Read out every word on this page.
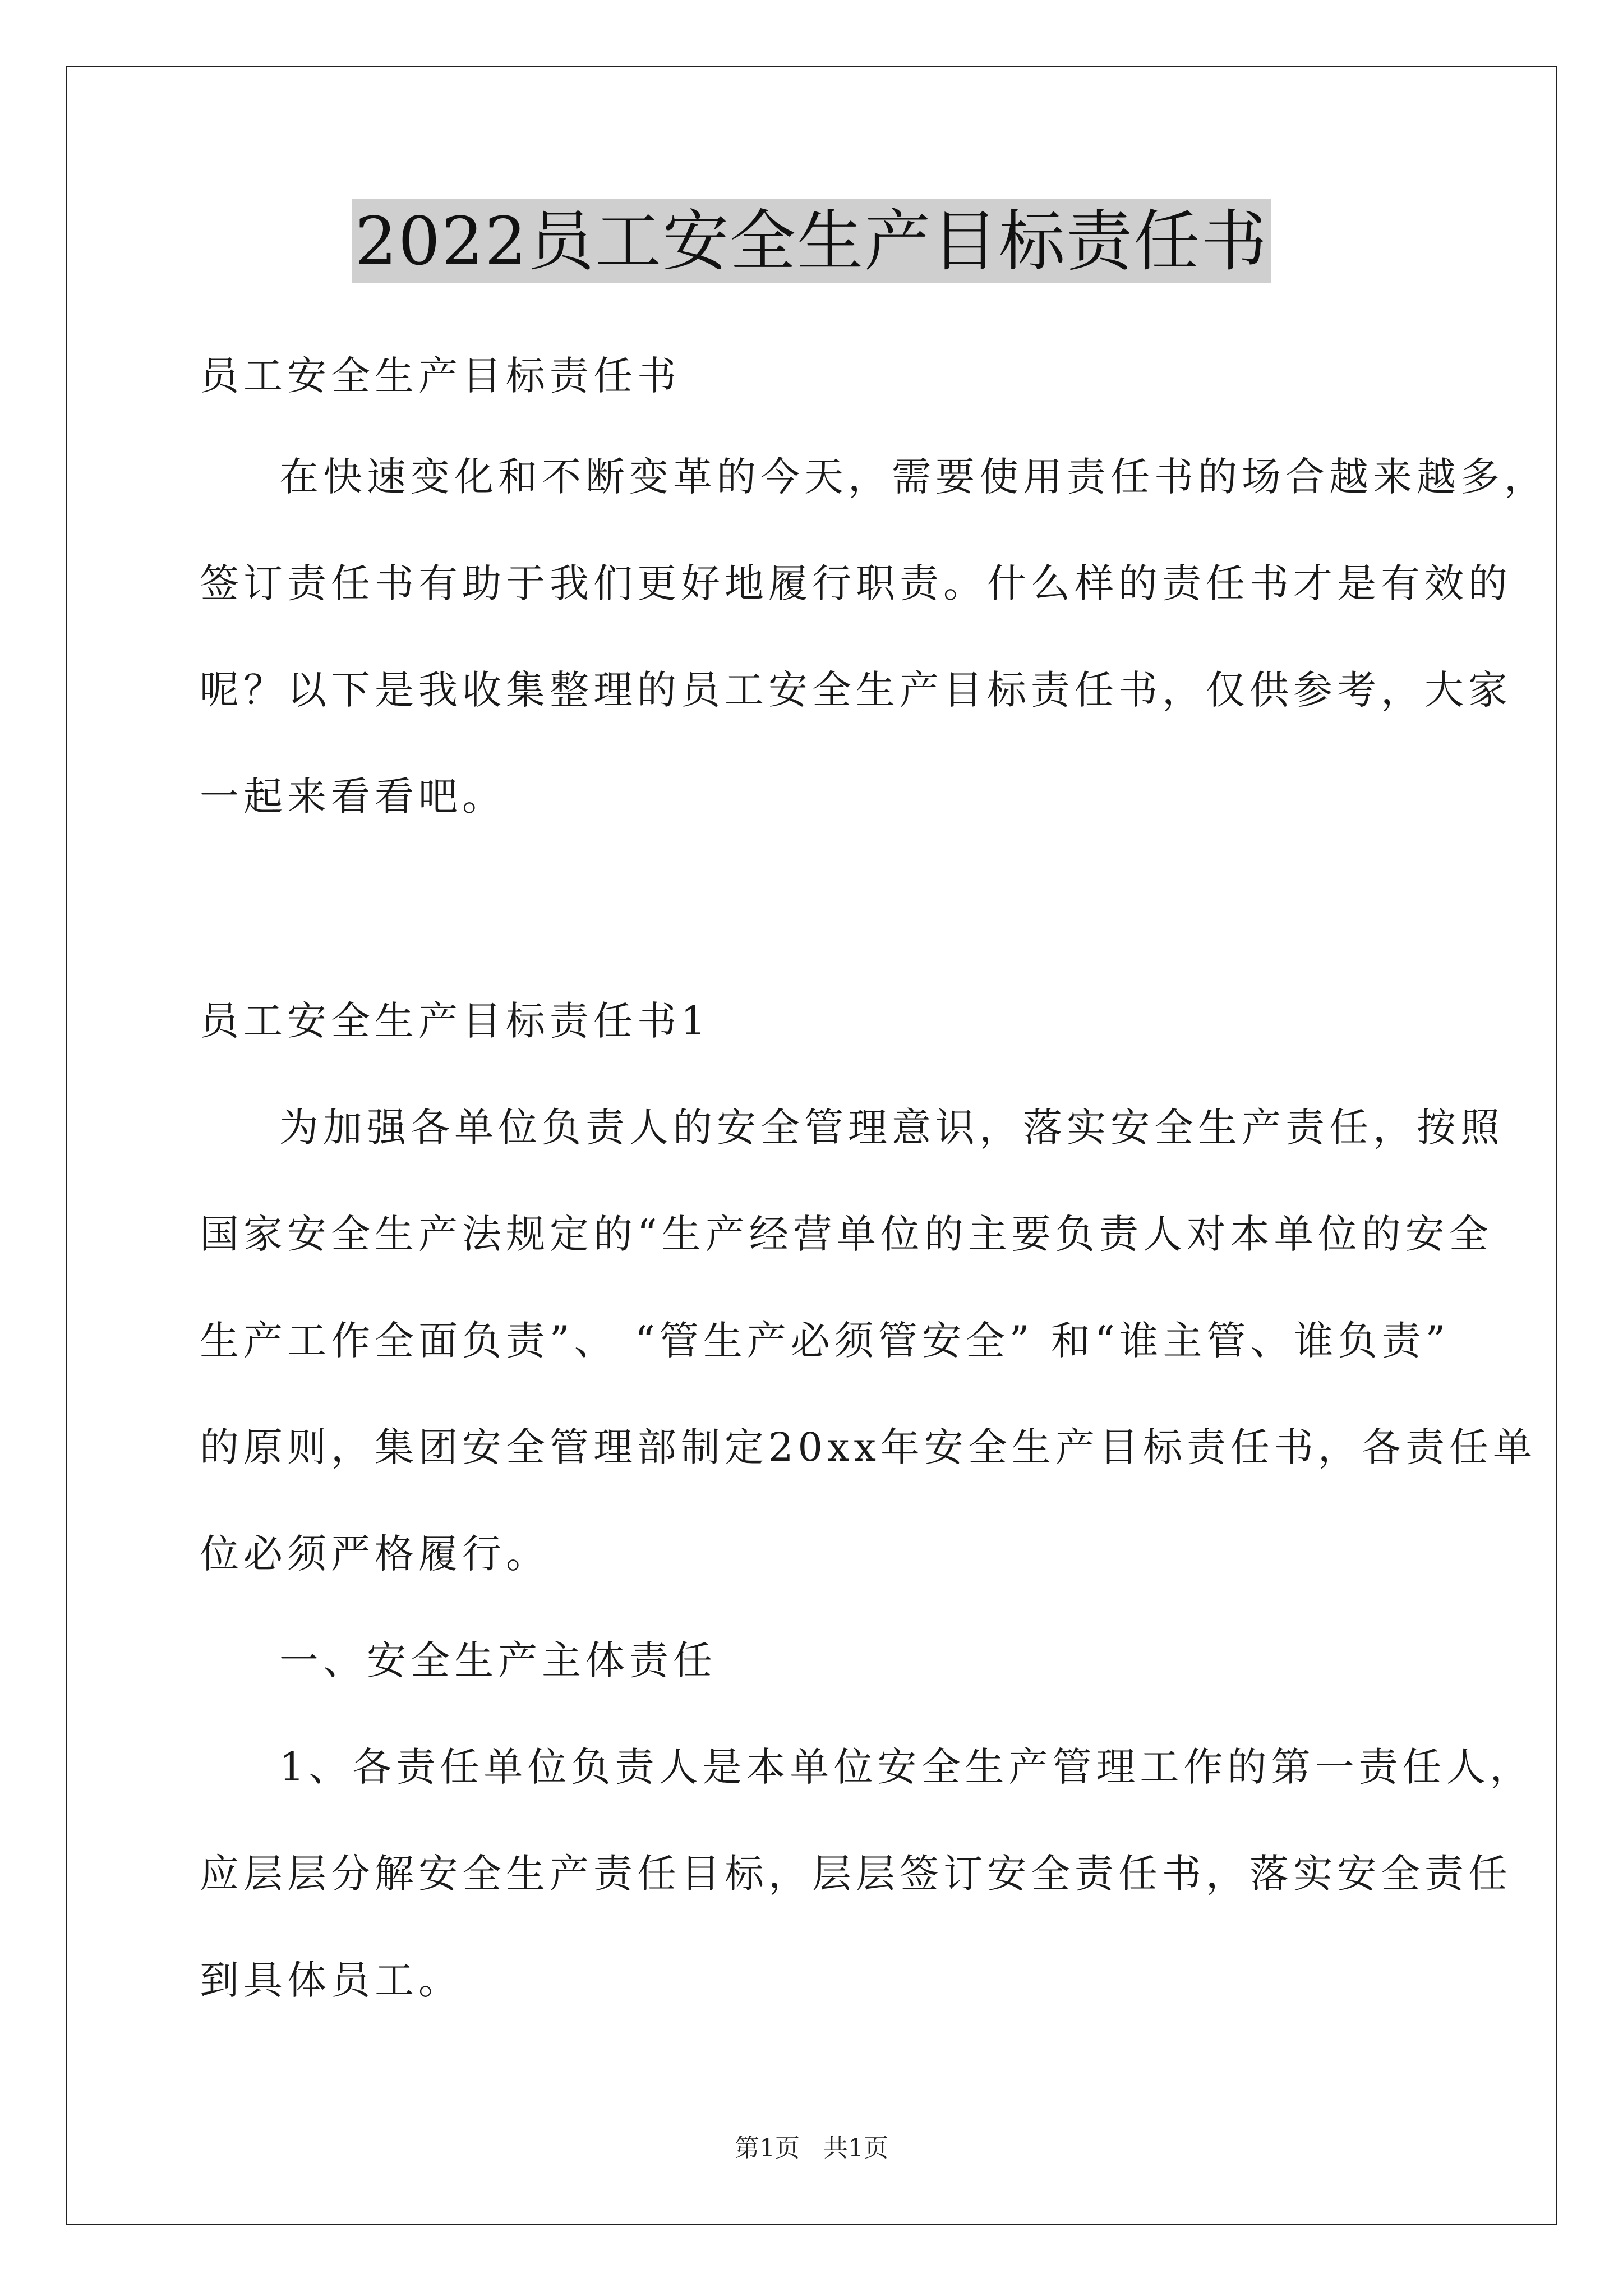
2022员工安全生产目标责任书
员工安全生产目标责任书
在快速变化和不断变革的今天，需要使用责任书的场合越来越多，
签订责任书有助于我们更好地履行职责。什么样的责任书才是有效的
呢？以下是我收集整理的员工安全生产目标责任书，仅供参考，大家
一起来看看吧。
员工安全生产目标责任书1
为加强各单位负责人的安全管理意识，落实安全生产责任，按照
国家安全生产法规定的“生产经营单位的主要负责人对本单位的安全
生产工作全面负责”、 “管生产必须管安全” 和“谁主管、谁负责”
的原则，集团安全管理部制定20xx年安全生产目标责任书，各责任单
位必须严格履行。
一、安全生产主体责任
1、各责任单位负责人是本单位安全生产管理工作的第一责任人，
应层层分解安全生产责任目标，层层签订安全责任书，落实安全责任
到具体员工。
第1页 共1页
